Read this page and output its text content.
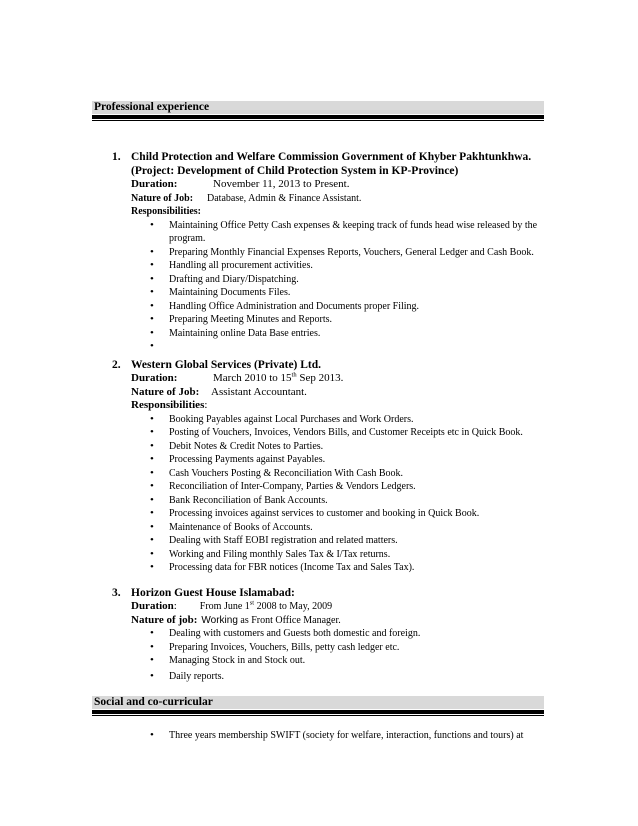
Professional experience
1. Child Protection and Welfare Commission Government of Khyber Pakhtunkhwa.
(Project: Development of Child Protection System in KP-Province)
Duration:	November 11, 2013 to Present.
Nature of Job: Database, Admin & Finance Assistant.
Responsibilities:
• Maintaining Office Petty Cash expenses & keeping track of funds head wise released by the program.
• Preparing Monthly Financial Expenses Reports, Vouchers, General Ledger and Cash Book.
• Handling all procurement activities.
• Drafting and Diary/Dispatching.
• Maintaining Documents Files.
• Handling Office Administration and Documents proper Filing.
• Preparing Meeting Minutes and Reports.
• Maintaining online Data Base entries.
•
2. Western Global Services (Private) Ltd.
Duration:	March 2010 to 15th Sep 2013.
Nature of Job: Assistant Accountant.
Responsibilities:
• Booking Payables against Local Purchases and Work Orders.
• Posting of Vouchers, Invoices, Vendors Bills, and Customer Receipts etc in Quick Book.
• Debit Notes & Credit Notes to Parties.
• Processing Payments against Payables.
• Cash Vouchers Posting & Reconciliation With Cash Book.
• Reconciliation of Inter-Company, Parties & Vendors Ledgers.
• Bank Reconciliation of Bank Accounts.
• Processing invoices against services to customer and booking in Quick Book.
• Maintenance of Books of Accounts.
• Dealing with Staff EOBI registration and related matters.
• Working and Filing monthly Sales Tax & I/Tax returns.
• Processing data for FBR notices (Income Tax and Sales Tax).
3. Horizon Guest House Islamabad:
Duration: From June 1st 2008 to May, 2009
Nature of job: Working as Front Office Manager.
• Dealing with customers and Guests both domestic and foreign.
• Preparing Invoices, Vouchers, Bills, petty cash ledger etc.
• Managing Stock in and Stock out.
• Daily reports.
Social and co-curricular
• Three years membership SWIFT (society for welfare, interaction, functions and tours) at
